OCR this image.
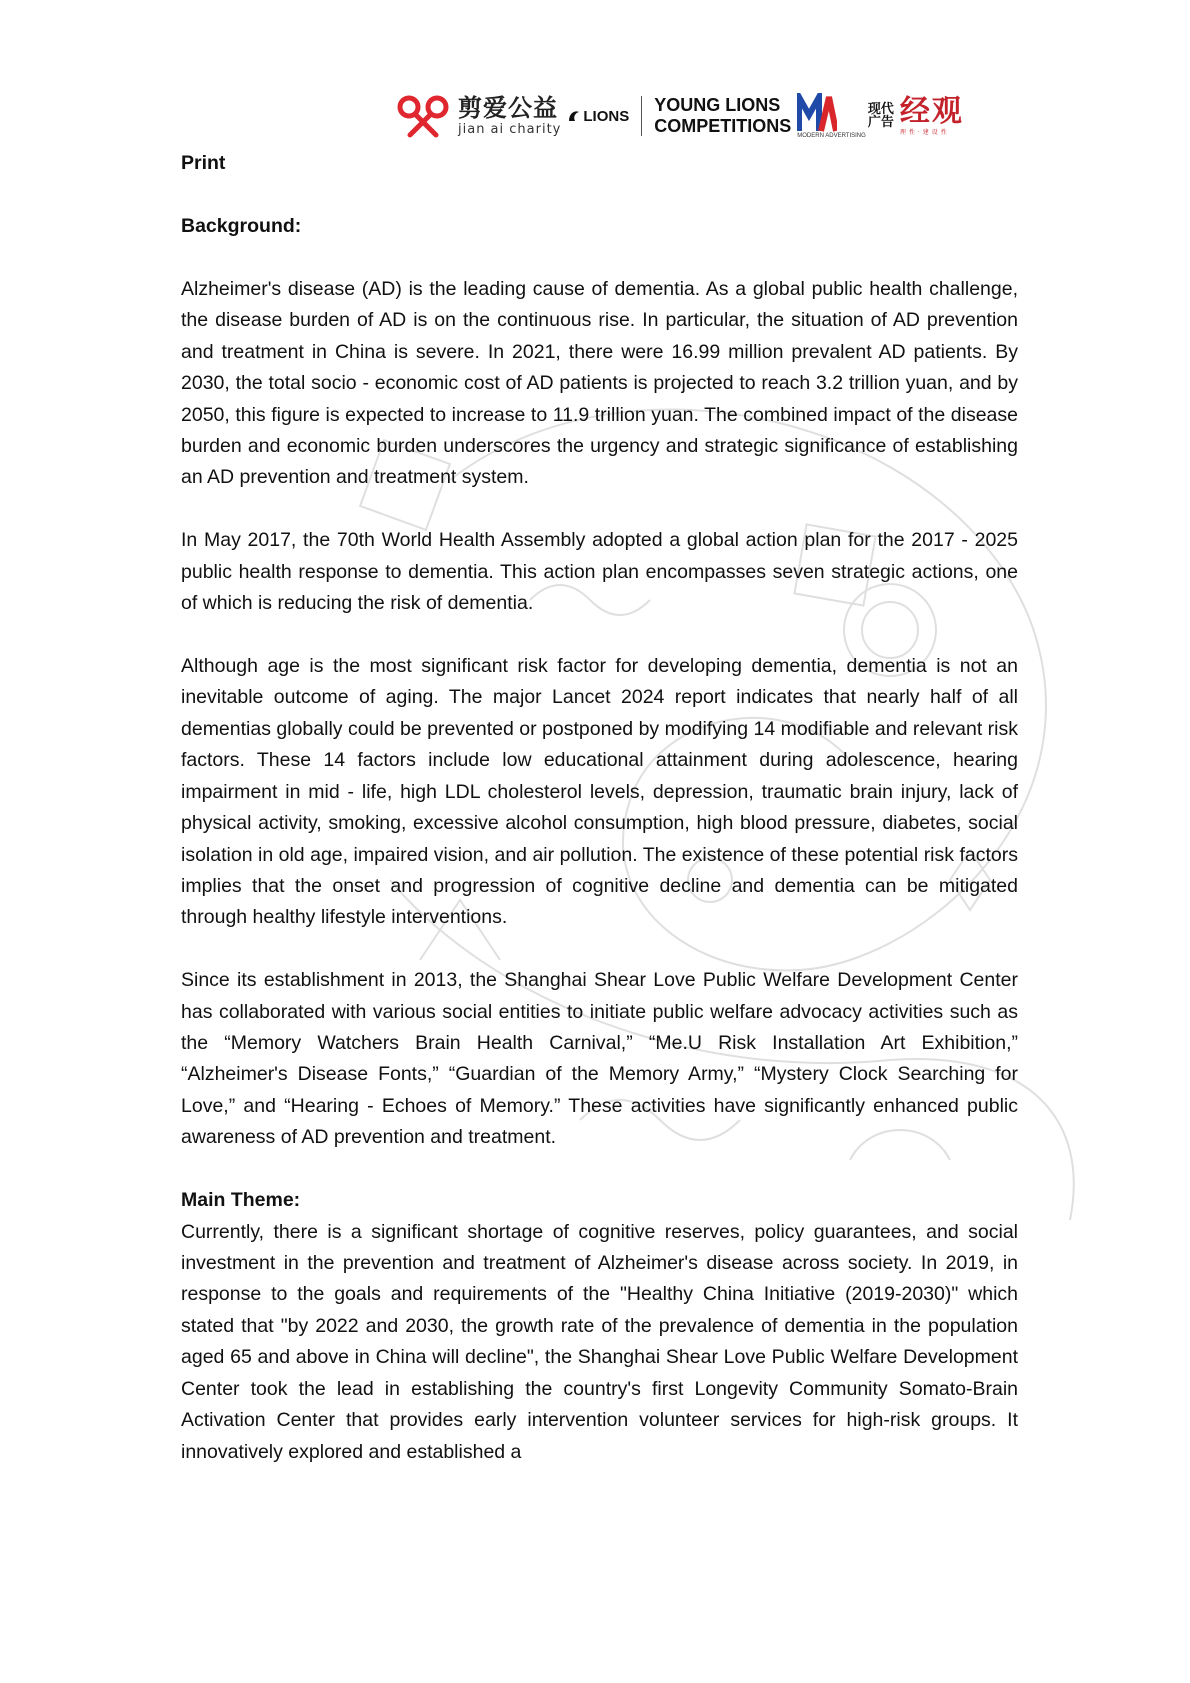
剪爱公益
jian ai charity
LIONS
YOUNG LIONS
COMPETITIONS MODERN ADVERTISING
现代
广告 经观
理性·建设性

Print

Background:

Alzheimer's disease (AD) is the leading cause of dementia. As a global public health challenge, the disease burden of AD is on the continuous rise. In particular, the situation of AD prevention and treatment in China is severe. In 2021, there were 16.99 million prevalent AD patients. By 2030, the total socio - economic cost of AD patients is projected to reach 3.2 trillion yuan, and by 2050, this figure is expected to increase to 11.9 trillion yuan. The combined impact of the disease burden and economic burden underscores the urgency and strategic significance of establishing an AD prevention and treatment system.

In May 2017, the 70th World Health Assembly adopted a global action plan for the 2017 - 2025 public health response to dementia. This action plan encompasses seven strategic actions, one of which is reducing the risk of dementia.

Although age is the most significant risk factor for developing dementia, dementia is not an inevitable outcome of aging. The major Lancet 2024 report indicates that nearly half of all dementias globally could be prevented or postponed by modifying 14 modifiable and relevant risk factors. These 14 factors include low educational attainment during adolescence, hearing impairment in mid - life, high LDL cholesterol levels, depression, traumatic brain injury, lack of physical activity, smoking, excessive alcohol consumption, high blood pressure, diabetes, social isolation in old age, impaired vision, and air pollution. The existence of these potential risk factors implies that the onset and progression of cognitive decline and dementia can be mitigated through healthy lifestyle interventions.

Since its establishment in 2013, the Shanghai Shear Love Public Welfare Development Center has collaborated with various social entities to initiate public welfare advocacy activities such as the “Memory Watchers Brain Health Carnival,” “Me.U Risk Installation Art Exhibition,” “Alzheimer's Disease Fonts,” “Guardian of the Memory Army,” “Mystery Clock Searching for Love,” and “Hearing - Echoes of Memory.” These activities have significantly enhanced public awareness of AD prevention and treatment.

Main Theme:

Currently, there is a significant shortage of cognitive reserves, policy guarantees, and social investment in the prevention and treatment of Alzheimer's disease across society. In 2019, in response to the goals and requirements of the "Healthy China Initiative (2019-2030)" which stated that "by 2022 and 2030, the growth rate of the prevalence of dementia in the population aged 65 and above in China will decline", the Shanghai Shear Love Public Welfare Development Center took the lead in establishing the country's first Longevity Community Somato-Brain Activation Center that provides early intervention volunteer services for high-risk groups. It innovatively explored and established a
